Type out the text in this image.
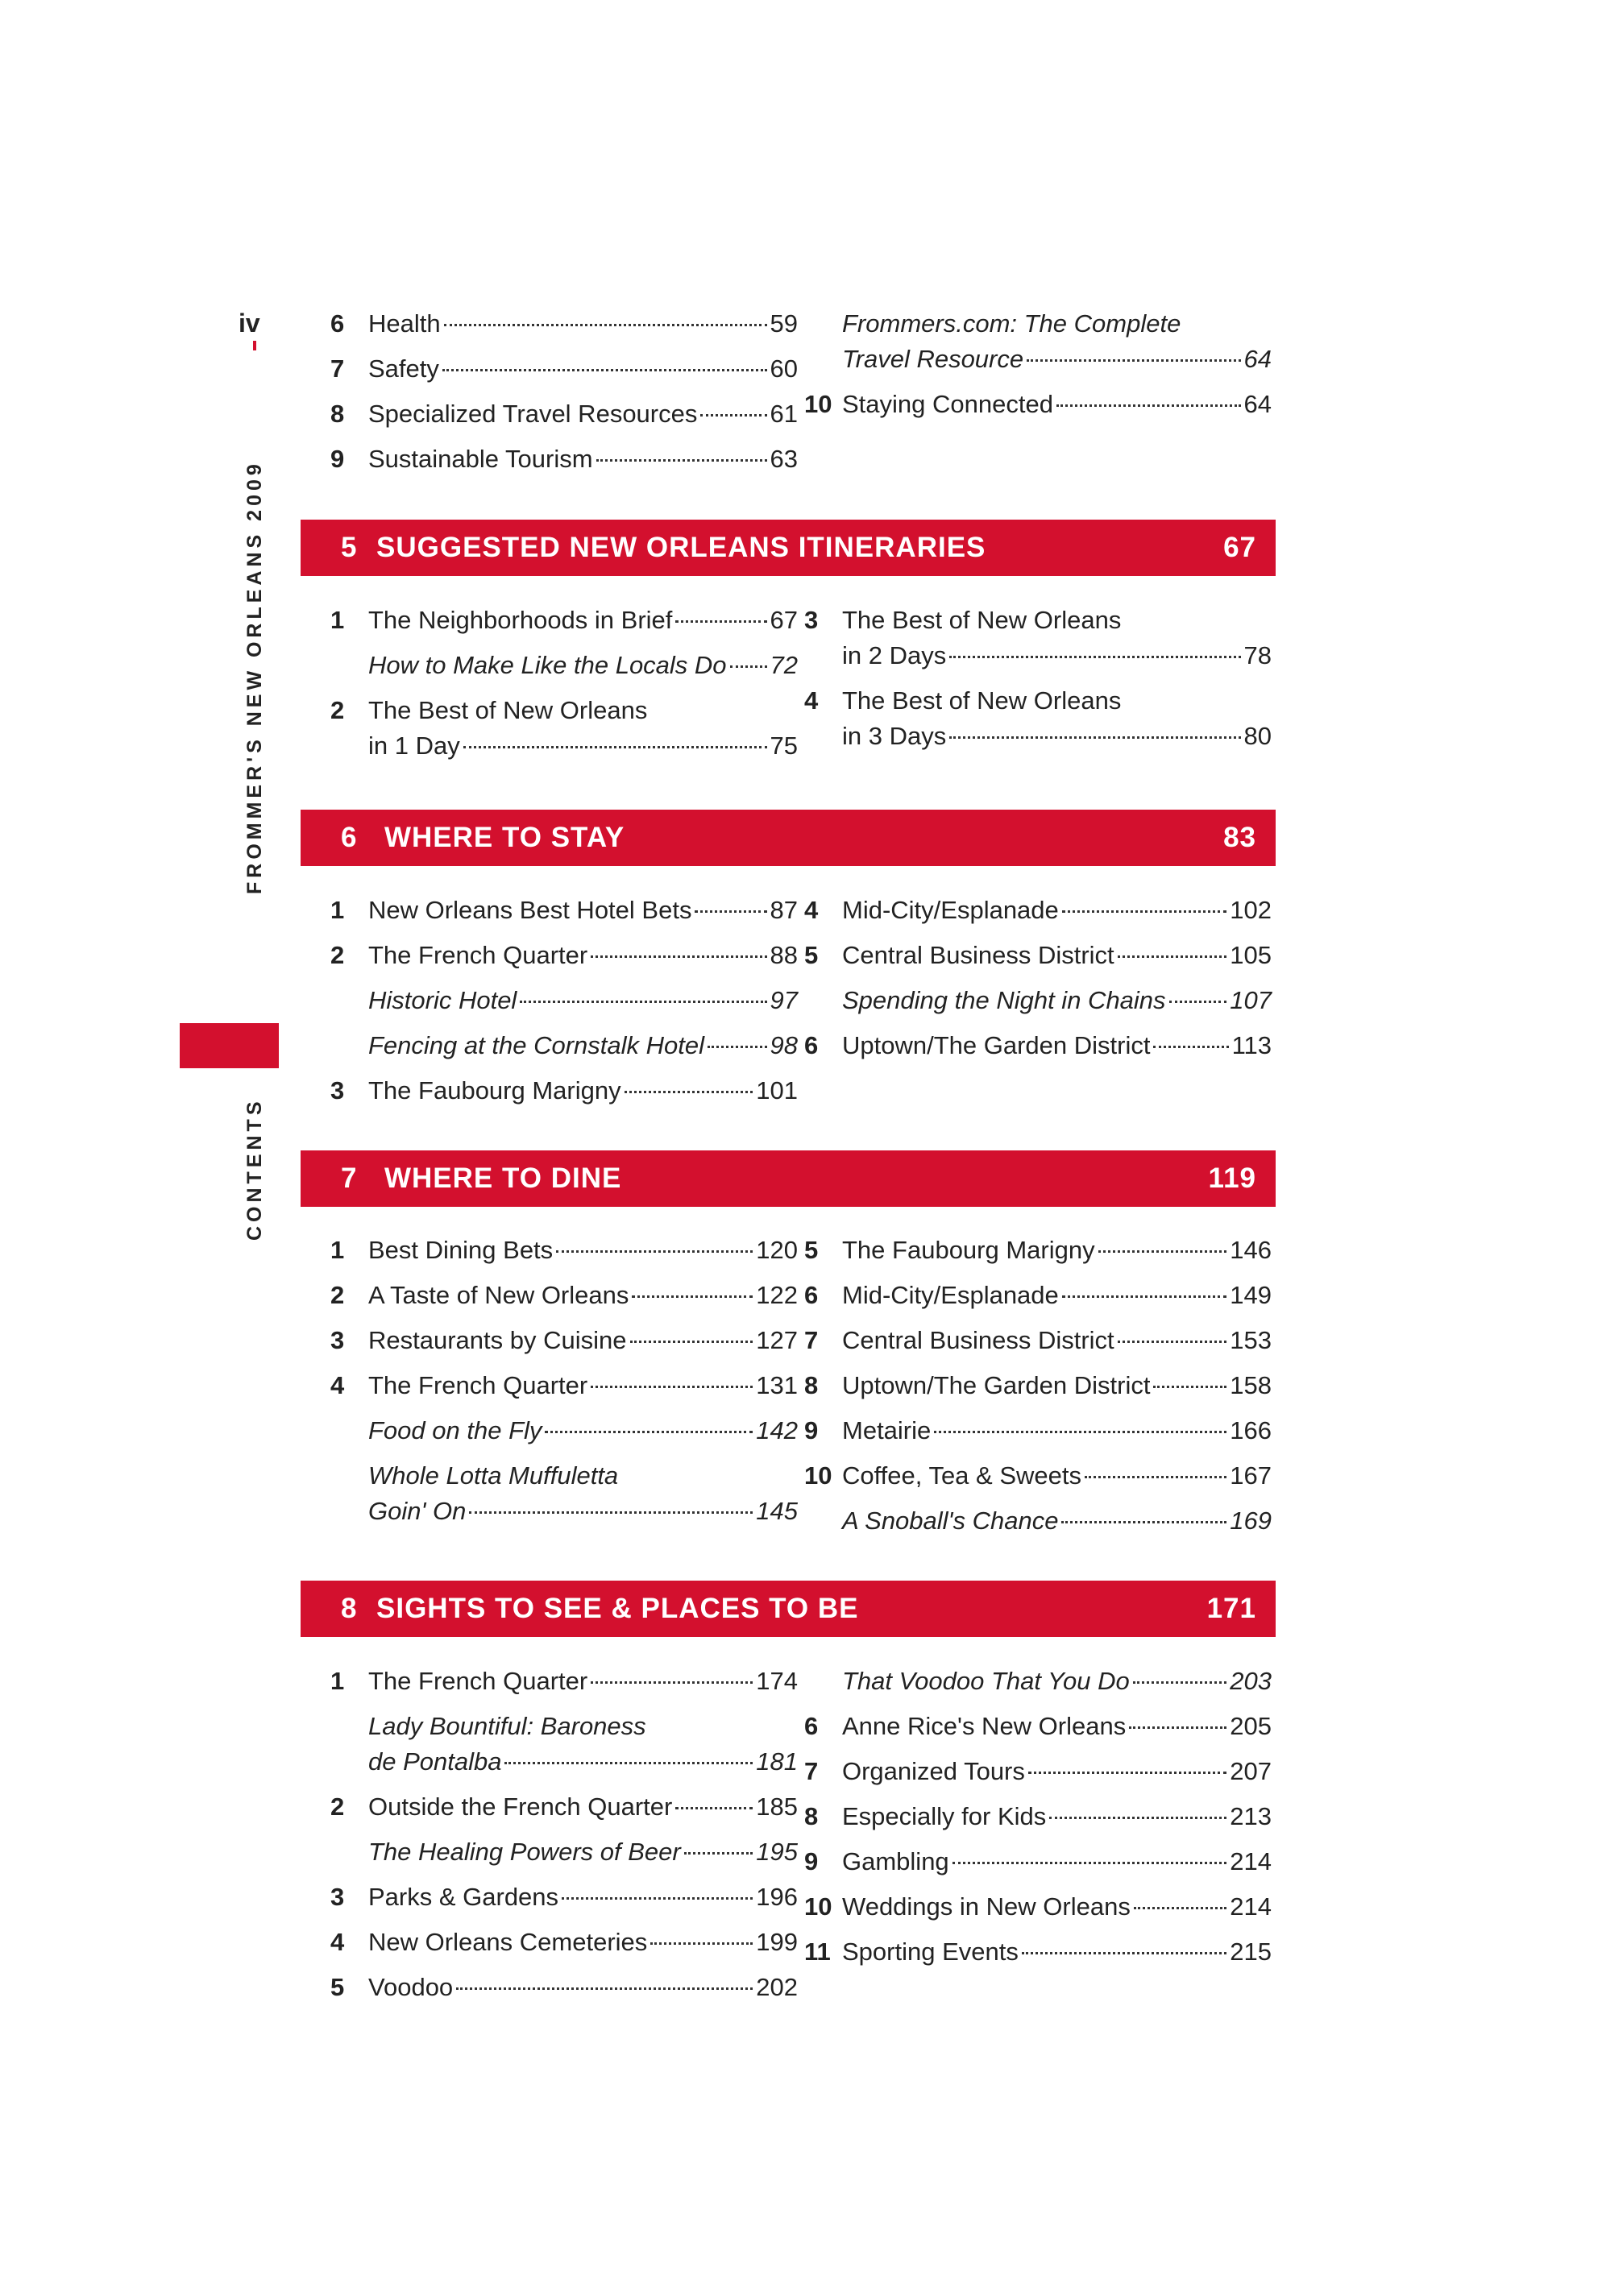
iv
CONTENTS
FROMMER'S NEW ORLEANS 2009
6 Health	59
7 Safety	60
8 Specialized Travel Resources	61
9 Sustainable Tourism	63
Frommers.com: The Complete
Travel Resource	64
10 Staying Connected	64
5 SUGGESTED NEW ORLEANS ITINERARIES	67
1 The Neighborhoods in Brief	67
How to Make Like the Locals Do 72
2 The Best of New Orleans
in 1 Day	75
3 The Best of New Orleans
in 2 Days	78
4 The Best of New Orleans
in 3 Days	80
6 WHERE TO STAY	83
1 New Orleans Best Hotel Bets	87
2 The French Quarter	88
Historic Hotel	97
Fencing at the Cornstalk Hotel	98
3 The Faubourg Marigny	101
4 Mid-City/Esplanade	102
5 Central Business District	105
Spending the Night in Chains	107
6 Uptown/The Garden District	113
7 WHERE TO DINE	119
1 Best Dining Bets	120
2 A Taste of New Orleans	122
3 Restaurants by Cuisine	127
4 The French Quarter	131
Food on the Fly	142
Whole Lotta Muffuletta
Goin' On	145
5 The Faubourg Marigny	146
6 Mid-City/Esplanade	149
7 Central Business District	153
8 Uptown/The Garden District	158
9 Metairie	166
10 Coffee, Tea & Sweets	167
A Snoball's Chance	169
8 SIGHTS TO SEE & PLACES TO BE	171
1 The French Quarter	174
Lady Bountiful: Baroness
de Pontalba	181
2 Outside the French Quarter	185
The Healing Powers of Beer	195
3 Parks & Gardens	196
4 New Orleans Cemeteries	199
5 Voodoo	202
That Voodoo That You Do	203
6 Anne Rice's New Orleans	205
7 Organized Tours	207
8 Especially for Kids	213
9 Gambling	214
10 Weddings in New Orleans	214
11 Sporting Events	215
